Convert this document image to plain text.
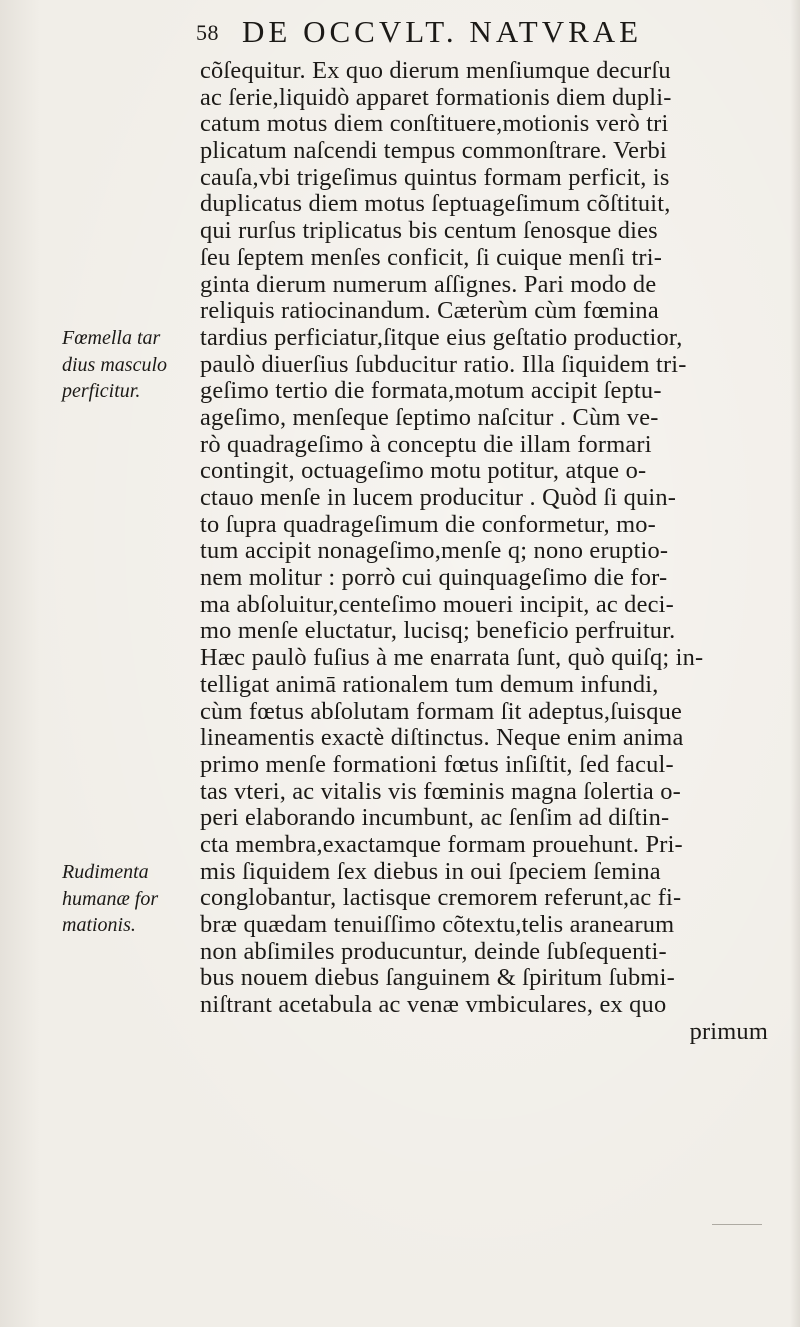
58 DE OCCVLT. NATVRAE
Fœmella tar
dius masculo
perficitur.
Rudimenta
humanæ for
mationis.
cõſequitur. Ex quo dierum menſiumque decurſu
ac ſerie,liquidò apparet formationis diem dupli-
catum motus diem conſtituere,motionis verò tri
plicatum naſcendi tempus commonſtrare. Verbi
cauſa,vbi trigeſimus quintus formam perficit, is
duplicatus diem motus ſeptuageſimum cõſtituit,
qui rurſus triplicatus bis centum ſenosque dies
ſeu ſeptem menſes conficit, ſi cuique menſi tri-
ginta dierum numerum aſſignes. Pari modo de
reliquis ratiocinandum. Cæterùm cùm fœmina
tardius perficiatur,ſitque eius geſtatio productior,
paulò diuerſius ſubducitur ratio. Illa ſiquidem tri-
geſimo tertio die formata,motum accipit ſeptu-
ageſimo, menſeque ſeptimo naſcitur . Cùm ve-
rò quadrageſimo à conceptu die illam formari
contingit, octuageſimo motu potitur, atque o-
ctauo menſe in lucem producitur . Quòd ſi quin-
to ſupra quadrageſimum die conformetur, mo-
tum accipit nonageſimo,menſe q; nono eruptio-
nem molitur : porrò cui quinquageſimo die for-
ma abſoluitur,centeſimo moueri incipit, ac deci-
mo menſe eluctatur, lucisq; beneficio perfruitur.
Hæc paulò fuſius à me enarrata ſunt, quò quiſq; in-
telligat animā rationalem tum demum infundi,
cùm fœtus abſolutam formam ſit adeptus,ſuisque
lineamentis exactè diſtinctus. Neque enim anima
primo menſe formationi fœtus inſiſtit, ſed facul-
tas vteri, ac vitalis vis fœminis magna ſolertia o-
peri elaborando incumbunt, ac ſenſim ad diſtin-
cta membra,exactamque formam prouehunt. Pri-
mis ſiquidem ſex diebus in oui ſpeciem ſemina
conglobantur, lactisque cremorem referunt,ac fi-
bræ quædam tenuiſſimo cõtextu,telis aranearum
non abſimiles producuntur, deinde ſubſequenti-
bus nouem diebus ſanguinem & ſpiritum ſubmi-
niſtrant acetabula ac venæ vmbiculares, ex quo
primum
